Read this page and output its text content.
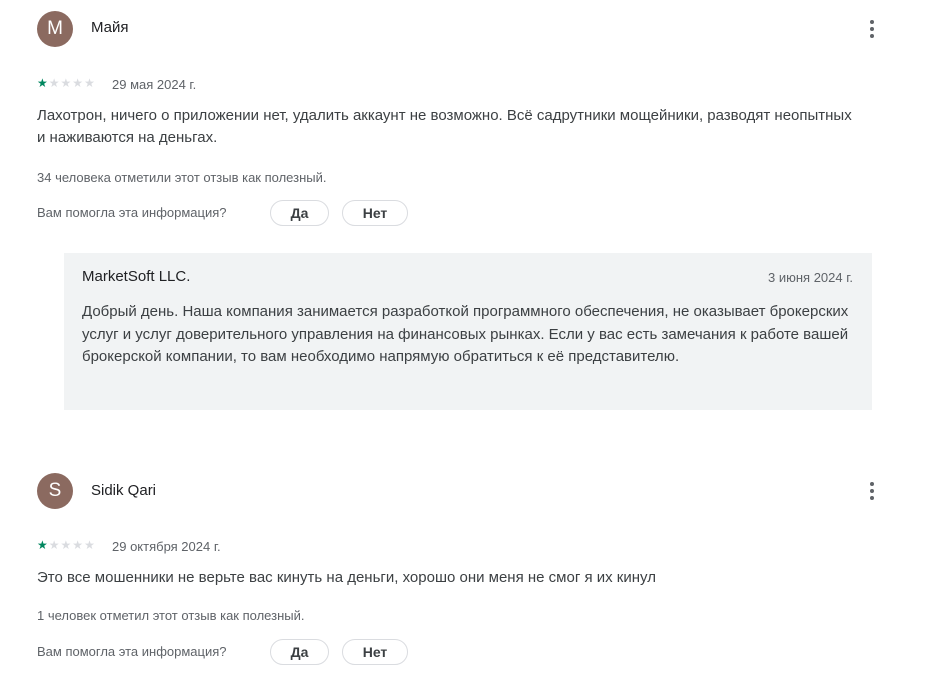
M	Майя
★ ★ ★ ★ ★ 29 мая 2024 г.
Лахотрон, ничего о приложении нет, удалить аккаунт не возможно. Всё садрутники мощейники, разводят неопытных и наживаются на деньгах.
34 человека отметили этот отзыв как полезный.
Вам помогла эта информация?	Да	Нет
MarketSoft LLC.	3 июня 2024 г.
Добрый день. Наша компания занимается разработкой программного обеспечения, не оказывает брокерских услуг и услуг доверительного управления на финансовых рынках. Если у вас есть замечания к работе вашей брокерской компании, то вам необходимо напрямую обратиться к её представителю.
S	Sidik Qari
★ ★ ★ ★ ★ 29 октября 2024 г.
Это все мошенники не верьте вас кинуть на деньги, хорошо они меня не смог я их кинул
1 человек отметил этот отзыв как полезный.
Вам помогла эта информация?	Да	Нет
